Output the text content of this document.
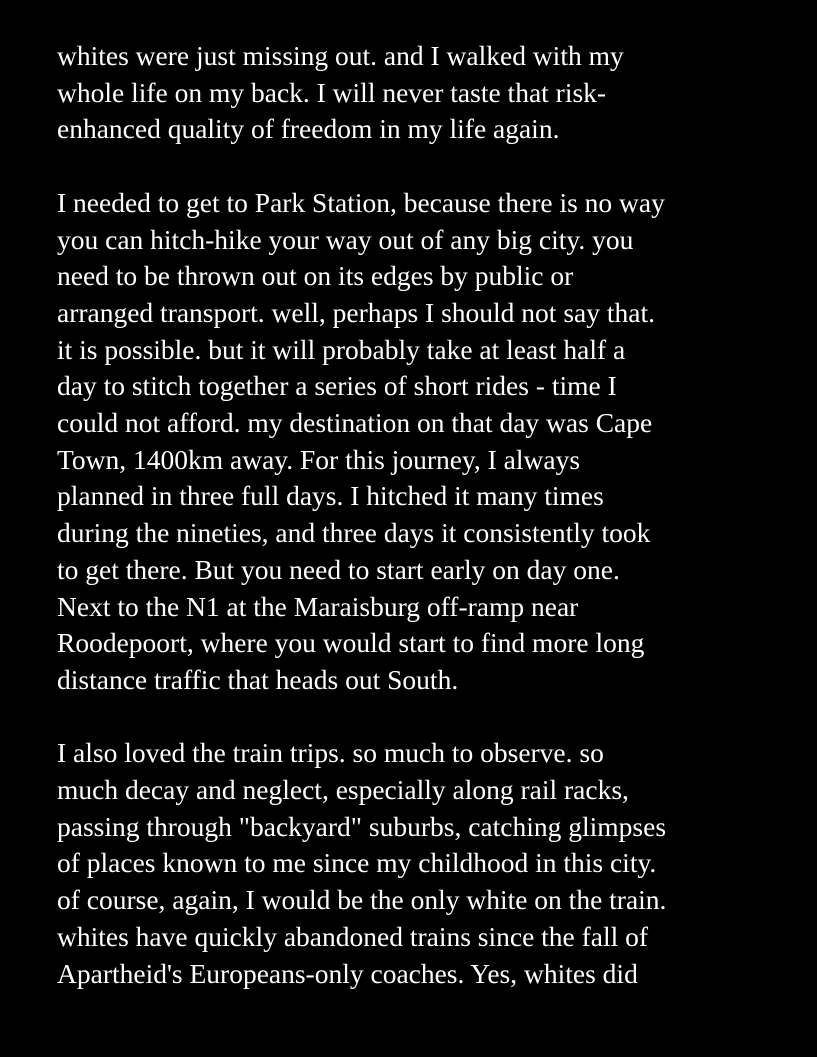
whites were just missing out. and I walked with my
whole life on my back. I will never taste that risk-
enhanced quality of freedom in my life again.
I needed to get to Park Station, because there is no way
you can hitch-hike your way out of any big city. you
need to be thrown out on its edges by public or
arranged transport. well, perhaps I should not say that.
it is possible. but it will probably take at least half a
day to stitch together a series of short rides - time I
could not afford. my destination on that day was Cape
Town, 1400km away. For this journey, I always
planned in three full days. I hitched it many times
during the nineties, and three days it consistently took
to get there. But you need to start early on day one.
Next to the N1 at the Maraisburg off-ramp near
Roodepoort, where you would start to find more long
distance traffic that heads out South.
I also loved the train trips. so much to observe. so
much decay and neglect, especially along rail racks,
passing through "backyard" suburbs, catching glimpses
of places known to me since my childhood in this city.
of course, again, I would be the only white on the train.
whites have quickly abandoned trains since the fall of
Apartheid's Europeans-only coaches. Yes, whites did
